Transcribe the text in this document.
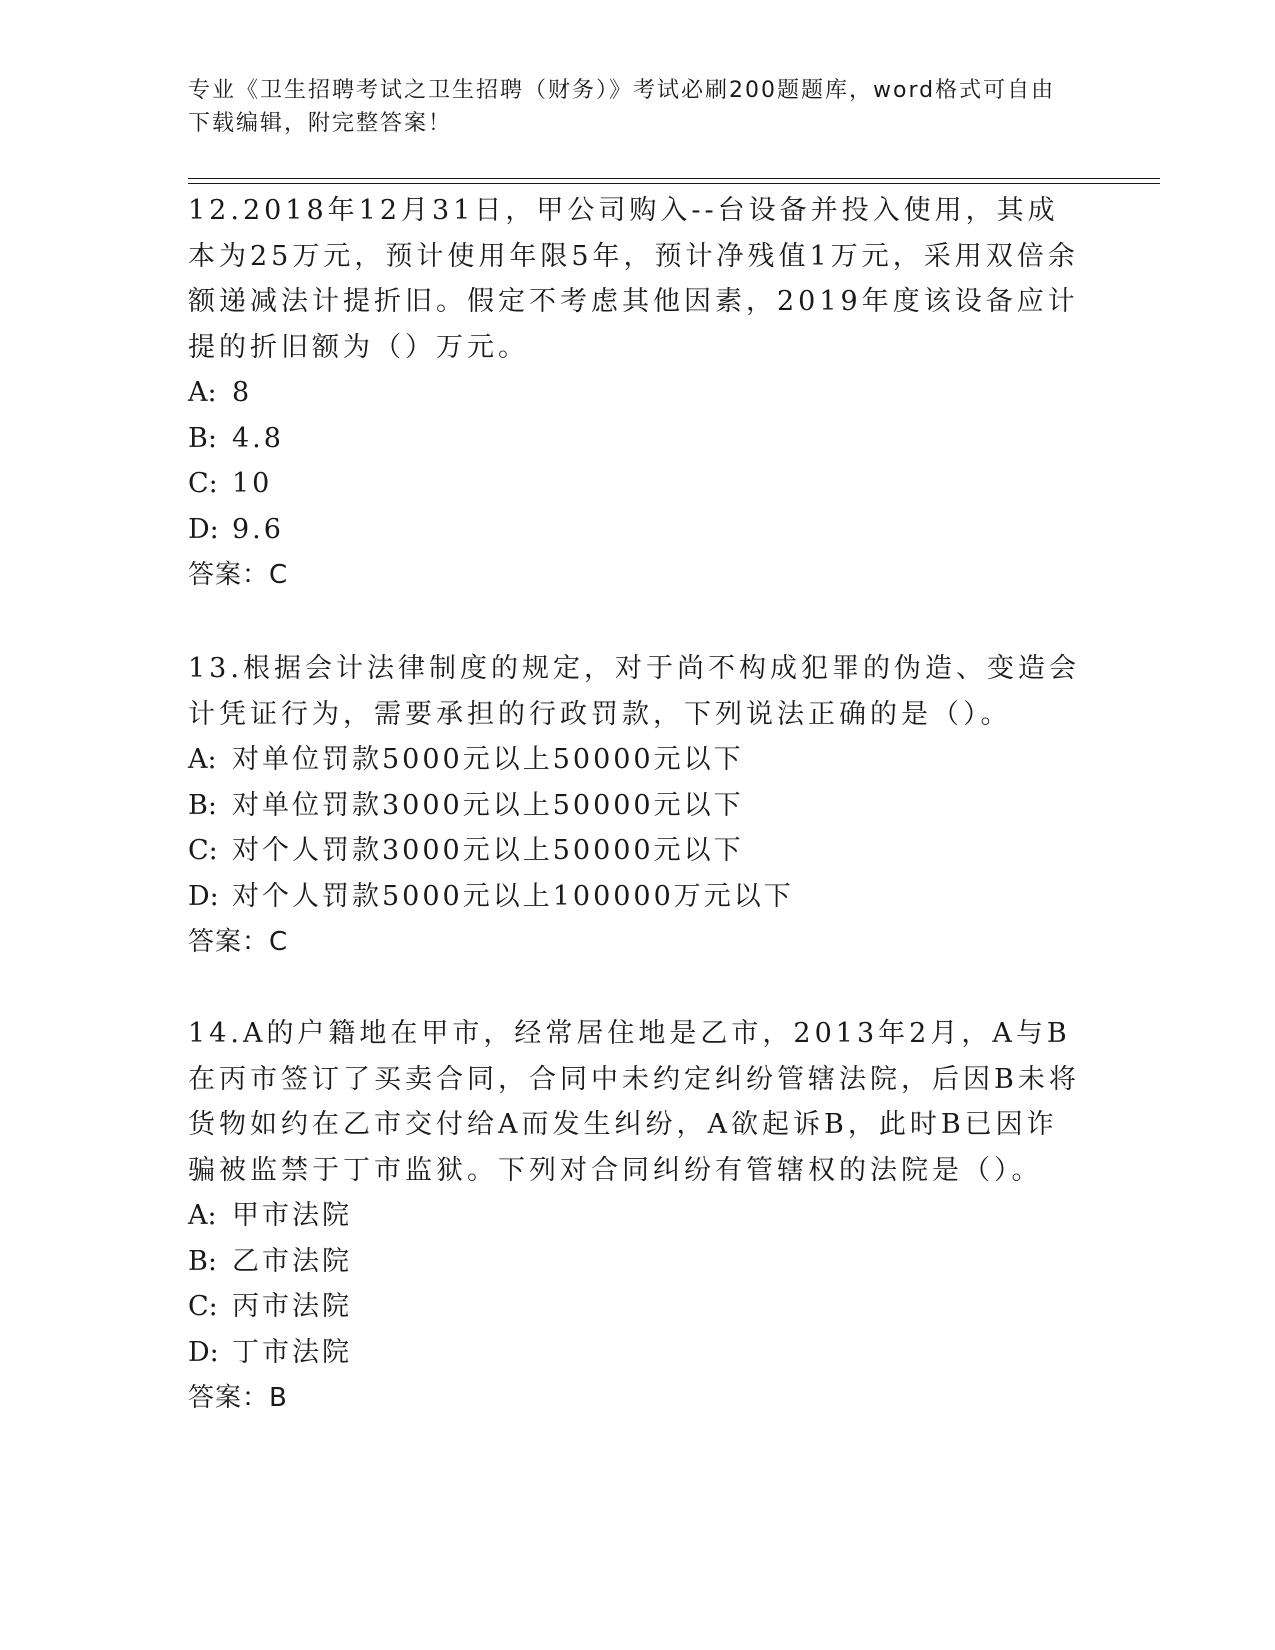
专业《卫生招聘考试之卫生招聘（财务）》考试必刷200题题库，word格式可自由下载编辑，附完整答案！

12.2018年12月31日，甲公司购入--台设备并投入使用，其成本为25万元，预计使用年限5年，预计净残值1万元，采用双倍余额递减法计提折旧。假定不考虑其他因素，2019年度该设备应计提的折旧额为（）万元。

A: 8
B: 4.8
C: 10
D: 9.6

答案：C

13.根据会计法律制度的规定，对于尚不构成犯罪的伪造、变造会计凭证行为，需要承担的行政罚款，下列说法正确的是（）。

A: 对单位罚款5000元以上50000元以下
B: 对单位罚款3000元以上50000元以下
C: 对个人罚款3000元以上50000元以下
D: 对个人罚款5000元以上100000万元以下

答案：C

14.A的户籍地在甲市，经常居住地是乙市，2013年2月，A与B在丙市签订了买卖合同，合同中未约定纠纷管辖法院，后因B未将货物如约在乙市交付给A而发生纠纷，A欲起诉B，此时B已因诈骗被监禁于丁市监狱。下列对合同纠纷有管辖权的法院是（）。

A: 甲市法院
B: 乙市法院
C: 丙市法院
D: 丁市法院

答案：B
